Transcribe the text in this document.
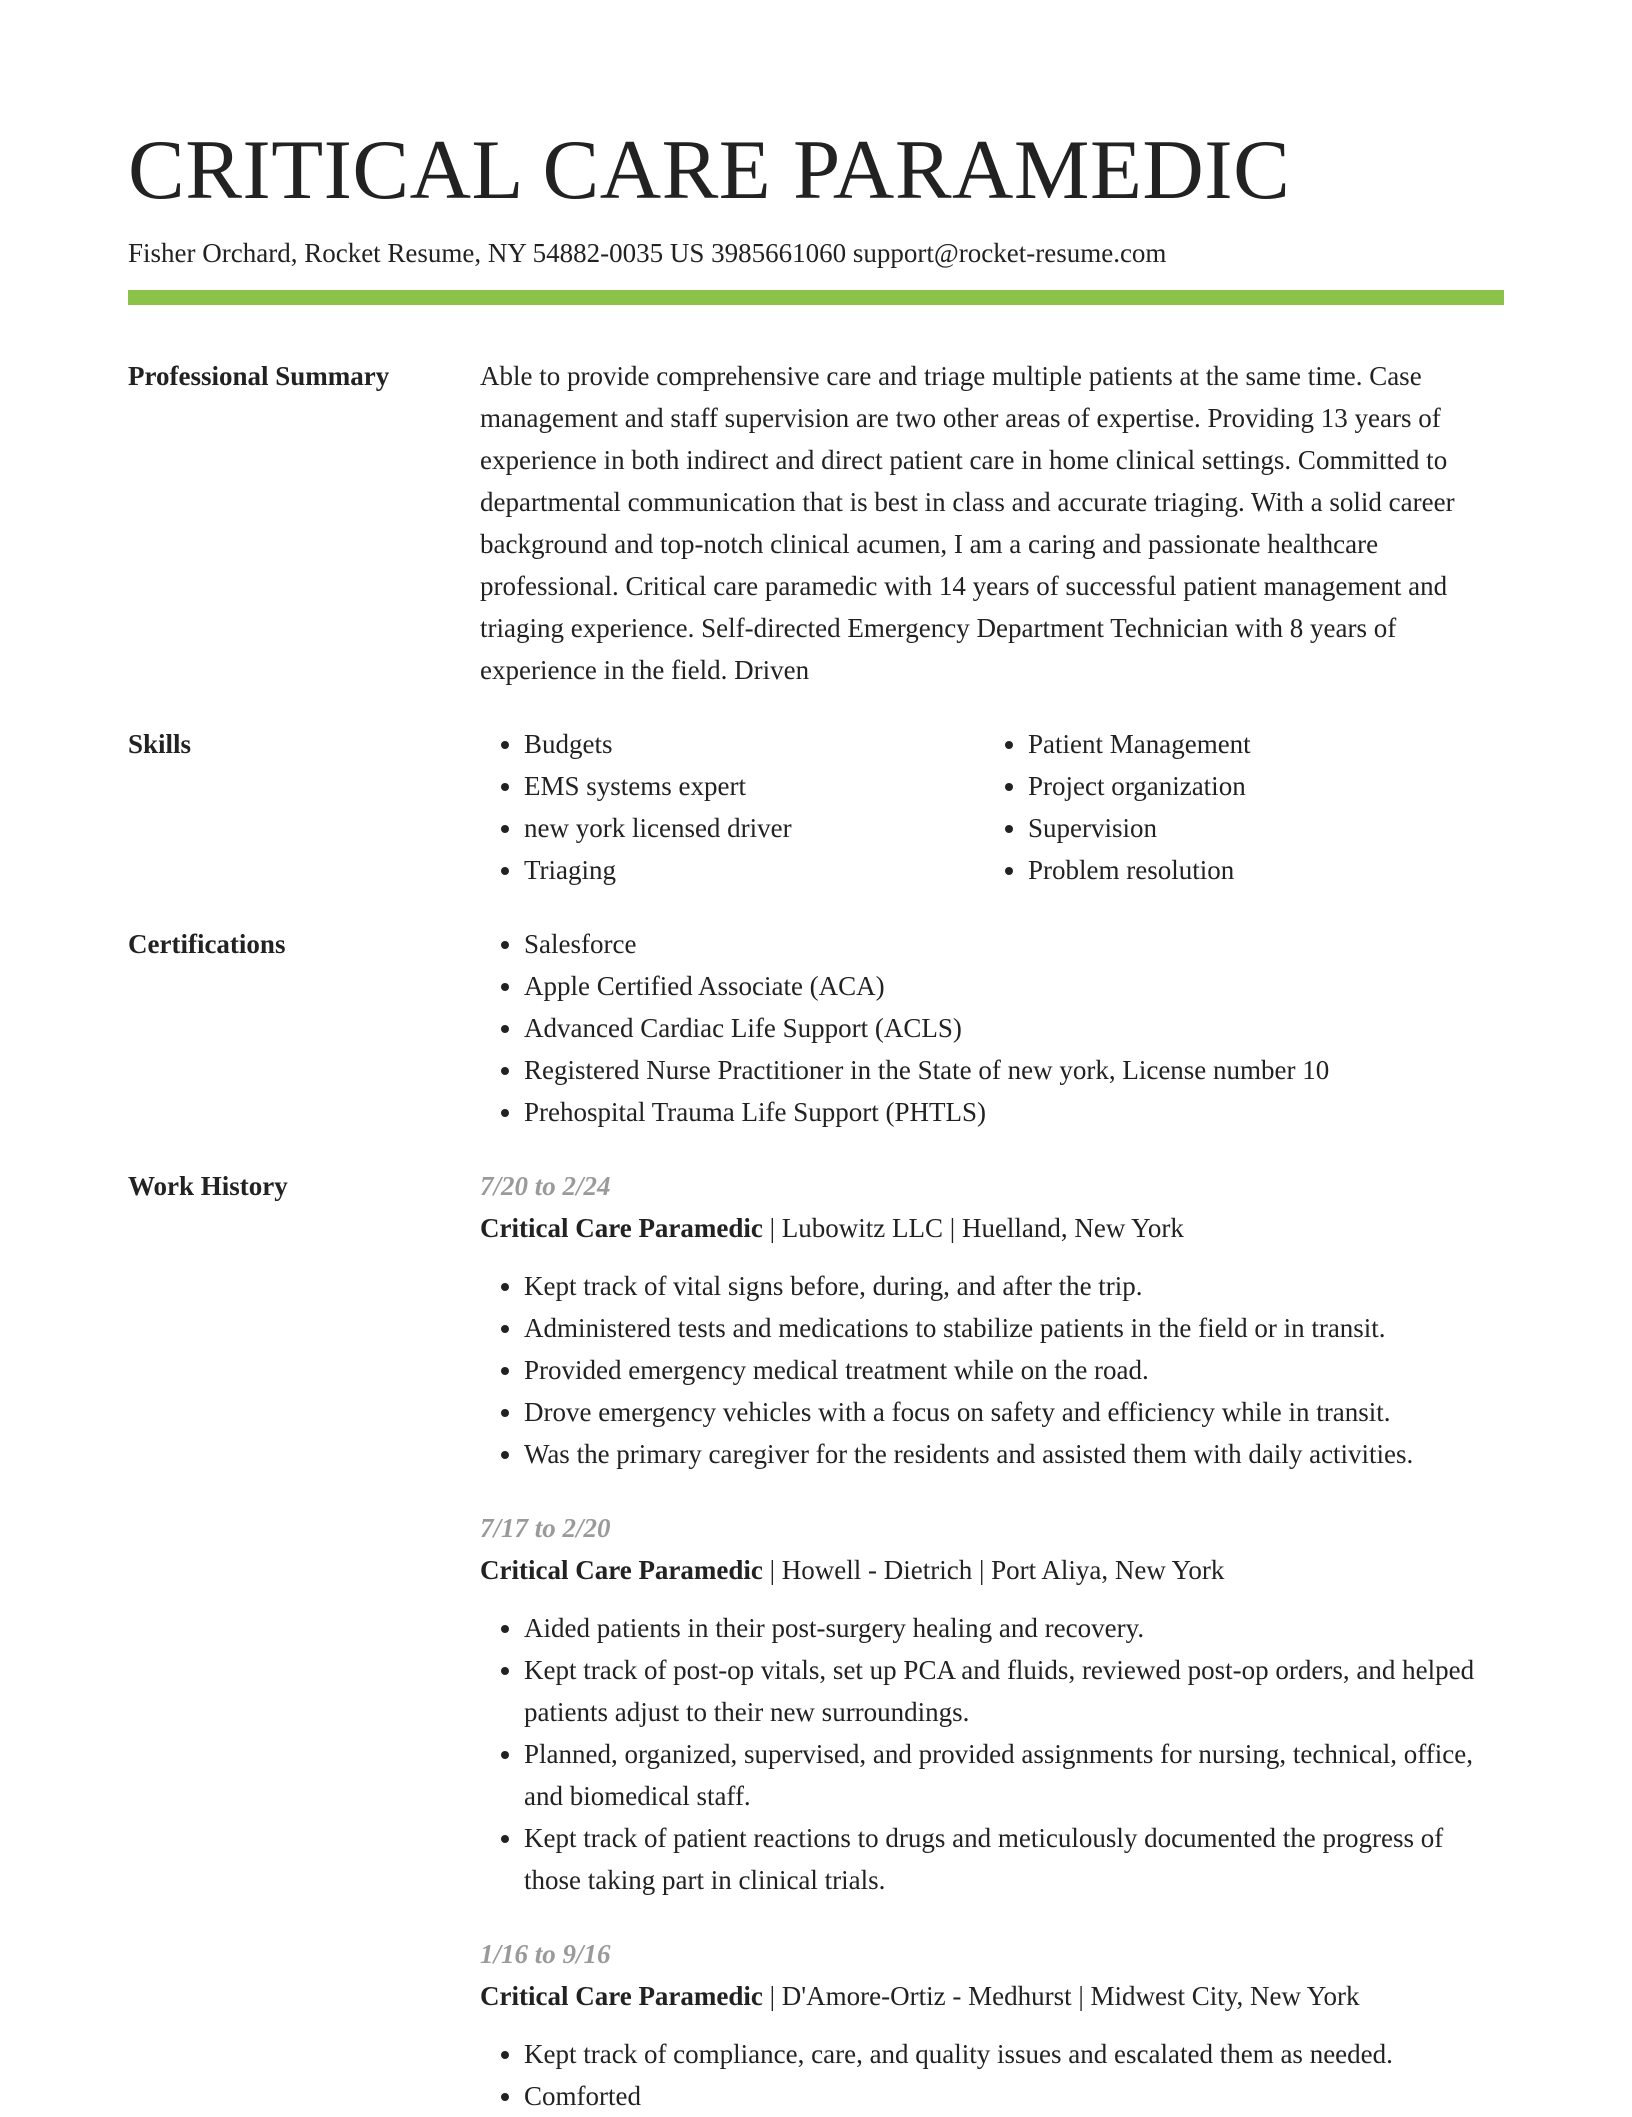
CRITICAL CARE PARAMEDIC
Fisher Orchard, Rocket Resume, NY 54882-0035 US 3985661060 support@rocket-resume.com
Professional Summary	Able to provide comprehensive care and triage multiple patients at the same time. Case management and staff supervision are two other areas of expertise. Providing 13 years of experience in both indirect and direct patient care in home clinical settings. Committed to departmental communication that is best in class and accurate triaging. With a solid career background and top-notch clinical acumen, I am a caring and passionate healthcare professional. Critical care paramedic with 14 years of successful patient management and triaging experience. Self-directed Emergency Department Technician with 8 years of experience in the field. Driven

Skills	• Budgets
• EMS systems expert
• new york licensed driver
• Triaging
• Patient Management
• Project organization
• Supervision
• Problem resolution
Certifications	• Salesforce
• Apple Certified Associate (ACA)
• Advanced Cardiac Life Support (ACLS)
• Registered Nurse Practitioner in the State of new york, License number 10
• Prehospital Trauma Life Support (PHTLS)
Work History	7/20 to 2/24
Critical Care Paramedic | Lubowitz LLC | Huelland, New York
• Kept track of vital signs before, during, and after the trip.
• Administered tests and medications to stabilize patients in the field or in transit.
• Provided emergency medical treatment while on the road.
• Drove emergency vehicles with a focus on safety and efficiency while in transit.
• Was the primary caregiver for the residents and assisted them with daily activities.
7/17 to 2/20
Critical Care Paramedic | Howell - Dietrich | Port Aliya, New York
• Aided patients in their post-surgery healing and recovery.
• Kept track of post-op vitals, set up PCA and fluids, reviewed post-op orders, and helped patients adjust to their new surroundings.
• Planned, organized, supervised, and provided assignments for nursing, technical, office, and biomedical staff.
• Kept track of patient reactions to drugs and meticulously documented the progress of those taking part in clinical trials.
1/16 to 9/16
Critical Care Paramedic | D'Amore-Ortiz - Medhurst | Midwest City, New York
• Kept track of compliance, care, and quality issues and escalated them as needed.
• Comforted
